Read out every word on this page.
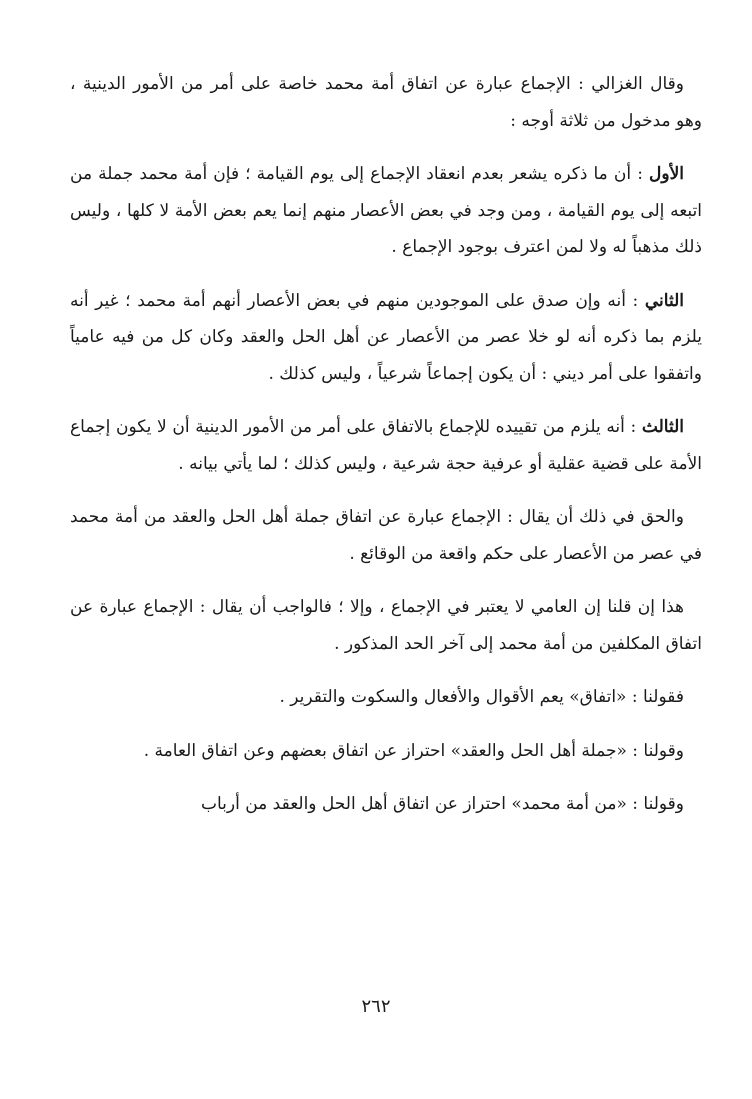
وقال الغزالي : الإجماع عبارة عن اتفاق أمة محمد خاصة على أمر من الأمور الدينية ، وهو مدخول من ثلاثة أوجه :

الأول : أن ما ذكره يشعر بعدم انعقاد الإجماع إلى يوم القيامة ؛ فإن أمة محمد جملة من اتبعه إلى يوم القيامة ، ومن وجد في بعض الأعصار منهم إنما يعم بعض الأمة لا كلها ، وليس ذلك مذهباً له ولا لمن اعترف بوجود الإجماع .

الثاني : أنه وإن صدق على الموجودين منهم في بعض الأعصار أنهم أمة محمد ؛ غير أنه يلزم بما ذكره أنه لو خلا عصر من الأعصار عن أهل الحل والعقد وكان كل من فيه عامياً واتفقوا على أمر ديني : أن يكون إجماعاً شرعياً ، وليس كذلك .

الثالث : أنه يلزم من تقييده للإجماع بالاتفاق على أمر من الأمور الدينية أن لا يكون إجماع الأمة على قضية عقلية أو عرفية حجة شرعية ، وليس كذلك ؛ لما يأتي بيانه .

والحق في ذلك أن يقال : الإجماع عبارة عن اتفاق جملة أهل الحل والعقد من أمة محمد في عصر من الأعصار على حكم واقعة من الوقائع .

هذا إن قلنا إن العامي لا يعتبر في الإجماع ، وإلا ؛ فالواجب أن يقال : الإجماع عبارة عن اتفاق المكلفين من أمة محمد إلى آخر الحد المذكور .

فقولنا : «اتفاق» يعم الأقوال والأفعال والسكوت والتقرير .

وقولنا : «جملة أهل الحل والعقد» احتراز عن اتفاق بعضهم وعن اتفاق العامة .

وقولنا : «من أمة محمد» احتراز عن اتفاق أهل الحل والعقد من أرباب

٢٦٢
